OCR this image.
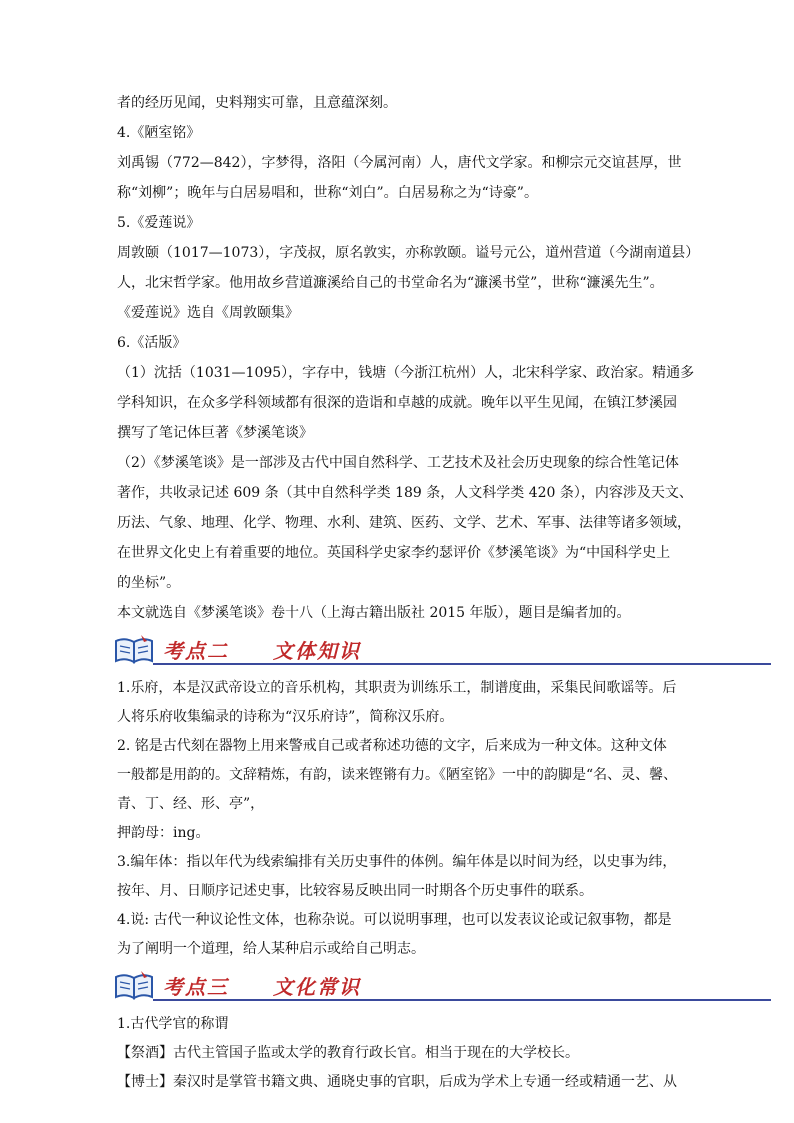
者的经历见闻，史料翔实可靠，且意蕴深刻。

4.《陋室铭》

刘禹锡（772—842），字梦得，洛阳（今属河南）人，唐代文学家。和柳宗元交谊甚厚，世

称“刘柳”；晚年与白居易唱和，世称“刘白”。白居易称之为“诗豪”。

5.《爱莲说》

周敦颐（1017—1073），字茂叔，原名敦实，亦称敦颐。谥号元公，道州营道（今湖南道县）

人，北宋哲学家。他用故乡营道濂溪给自己的书堂命名为“濂溪书堂”，世称“濂溪先生”。

《爱莲说》选自《周敦颐集》

6.《活版》

（1）沈括（1031—1095），字存中，钱塘（今浙江杭州）人，北宋科学家、政治家。精通多

学科知识，在众多学科领域都有很深的造诣和卓越的成就。晚年以平生见闻，在镇江梦溪园

撰写了笔记体巨著《梦溪笔谈》

（2）《梦溪笔谈》是一部涉及古代中国自然科学、工艺技术及社会历史现象的综合性笔记体

著作，共收录记述 609 条（其中自然科学类 189 条，人文科学类 420 条），内容涉及天文、

历法、气象、地理、化学、物理、水利、建筑、医药、文学、艺术、军事、法律等诸多领域，

在世界文化史上有着重要的地位。英国科学史家李约瑟评价《梦溪笔谈》为“中国科学史上

的坐标”。

本文就选自《梦溪笔谈》卷十八（上海古籍出版社 2015 年版），题目是编者加的。

考点二 文体知识

1.乐府，本是汉武帝设立的音乐机构，其职责为训练乐工，制谱度曲，采集民间歌谣等。后

人将乐府收集编录的诗称为“汉乐府诗”，简称汉乐府。

2. 铭是古代刻在器物上用来警戒自己或者称述功德的文字，后来成为一种文体。这种文体

一般都是用韵的。文辞精炼，有韵，读来铿锵有力。《陋室铭》一中的韵脚是“名、灵、馨、

青、丁、经、形、亭”，

押韵母：ing。

3.编年体：指以年代为线索编排有关历史事件的体例。编年体是以时间为经，以史事为纬，

按年、月、日顺序记述史事，比较容易反映出同一时期各个历史事件的联系。

4.说: 古代一种议论性文体，也称杂说。可以说明事理，也可以发表议论或记叙事物，都是

为了阐明一个道理，给人某种启示或给自己明志。

考点三 文化常识

1.古代学官的称谓

【祭酒】古代主管国子监或太学的教育行政长官。相当于现在的大学校长。

【博士】秦汉时是掌管书籍文典、通晓史事的官职，后成为学术上专通一经或精通一艺、从
